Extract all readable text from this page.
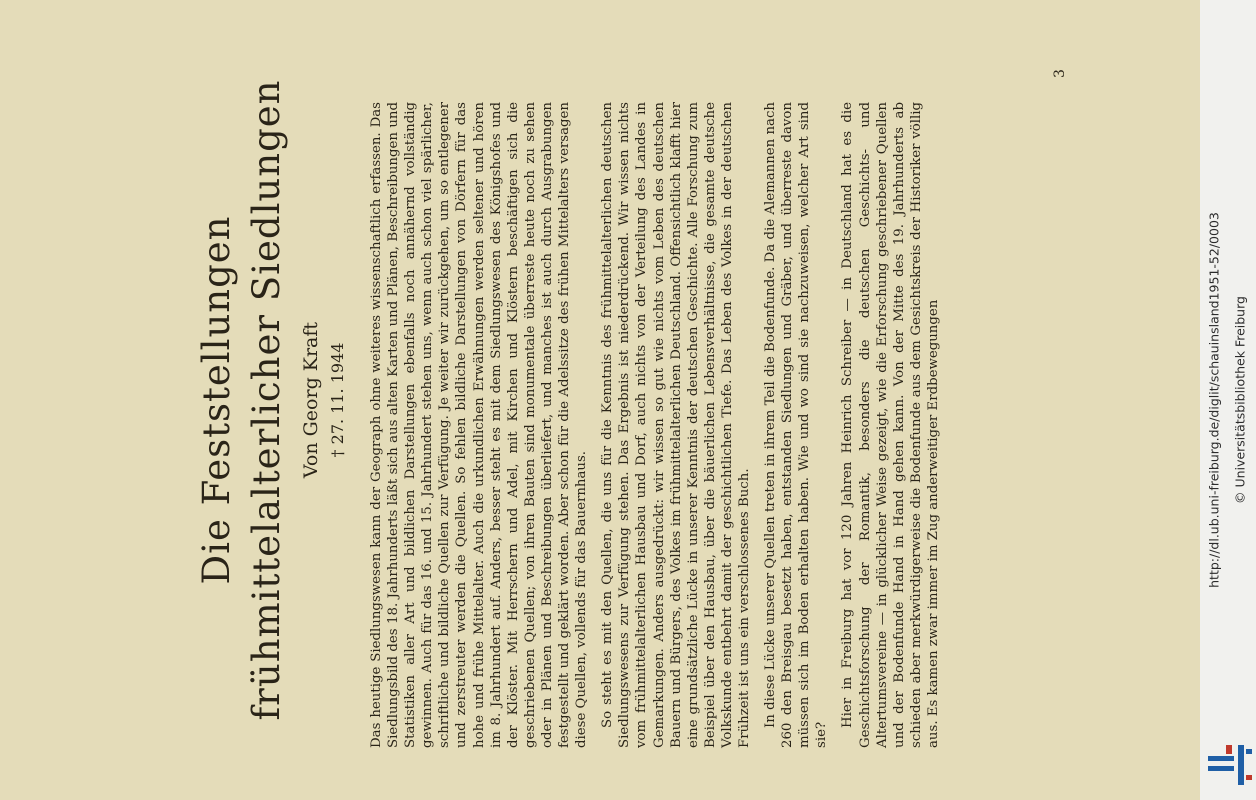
Die Feststellungen frühmittelalterlicher Siedlungen Von Georg Kraft † 27. 11. 1944 Das heutige Siedlungswesen kann der Geograph ohne weiteres wissenschaftlich erfassen. Das Siedlungsbild des 18. Jahrhunderts läßt sich aus alten Karten und Plänen, Beschreibungen und Statistiken aller Art und bildlichen Darstellungen ebenfalls noch annähernd vollständig gewinnen. Auch für das 16. und 15. Jahrhundert stehen uns, wenn auch schon viel spärlicher, schriftliche und bildliche Quellen zur Verfügung. Je weiter wir zurückgehen, um so entlegener und zerstreuter werden die Quellen. So fehlen bildliche Darstellungen von Dörfern für das hohe und frühe Mittelalter. Auch die urkundlichen Erwähnungen werden seltener und hören im 8. Jahrhundert auf. Anders, besser steht es mit dem Siedlungswesen des Königshofes und der Klöster. Mit Herrschern und Adel, mit Kirchen und Klöstern beschäftigen sich die geschriebenen Quellen; von ihren Bauten sind monumentale überreste heute noch zu sehen oder in Plänen und Beschreibungen überliefert, und manches ist auch durch Ausgrabungen festgestellt und geklärt worden. Aber schon für die Adelssitze des frühen Mittelalters versagen diese Quellen, vollends für das Bauernhaus. So steht es mit den Quellen, die uns für die Kenntnis des frühmittelalterlichen deutschen Siedlungswesens zur Verfügung stehen. Das Ergebnis ist niederdrückend. Wir wissen nichts vom frühmittelalterlichen Hausbau und Dorf, auch nichts von der Verteilung des Landes in Gemarkungen. Anders ausgedrückt: wir wissen so gut wie nichts vom Leben des deutschen Bauern und Bürgers, des Volkes im frühmittelalterlichen Deutschland. Offensichtlich klafft hier eine grundsätzliche Lücke in unserer Kenntnis der deutschen Geschichte. Alle Forschung zum Beispiel über den Hausbau, über die bäuerlichen Lebensverhältnisse, die gesamte deutsche Volkskunde entbehrt damit der geschichtlichen Tiefe. Das Leben des Volkes in der deutschen Frühzeit ist uns ein verschlossenes Buch. In diese Lücke unserer Quellen treten in ihrem Teil die Bodenfunde. Da die Alemannen nach 260 den Breisgau besetzt haben, entstanden Siedlungen und Gräber, und überreste davon müssen sich im Boden erhalten haben. Wie und wo sind sie nachzuweisen, welcher Art sind sie?

Hier in Freiburg hat vor 120 Jahren Heinrich Schreiber — in Deutschland hat es die Geschichtsforschung der Romantik, besonders die deutschen Geschichts- und Altertumsvereine — in glücklicher Weise gezeigt, wie die Erforschung geschriebener Quellen und der Bodenfunde Hand in Hand gehen kann. Von der Mitte des 19. Jahrhunderts ab schieden aber merkwürdigerweise die Bodenfunde aus dem Gesichtskreis der Historiker völlig aus. Es kamen zwar immer im Zug anderweitiger Erdbewegungen

3
http://dl.ub.uni-freiburg.de/diglit/schauinsland1951-52/0003 © Universitätsbibliothek Freiburg
